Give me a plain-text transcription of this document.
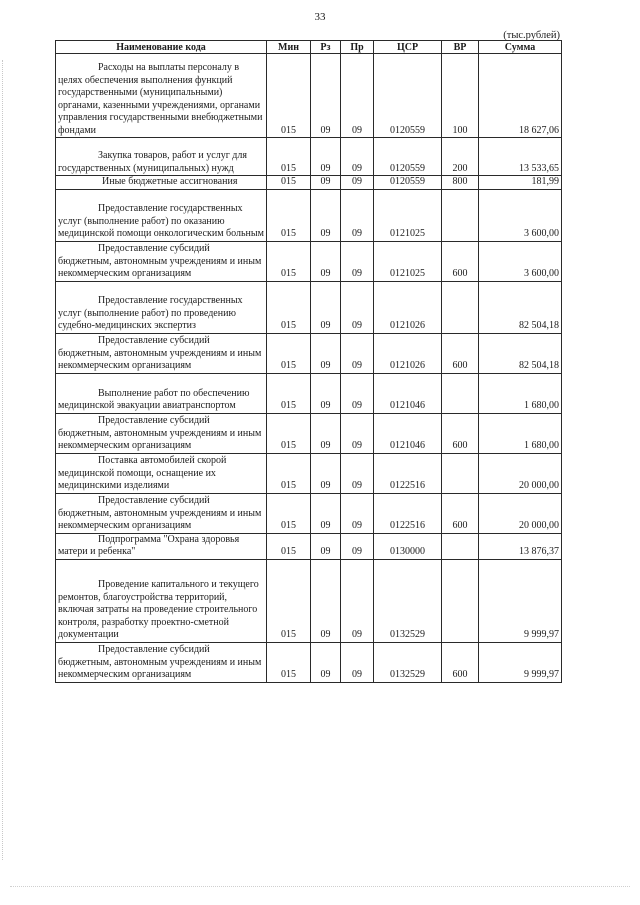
33
(тыс.рублей)
Наименование кода	Мин	Рз	Пр	ЦСР	ВР	Сумма
Расходы на выплаты персоналу в целях обеспечения выполнения функций государственными (муниципальными) органами, казенными учреждениями, органами управления государственными внебюджетными фондами	015	09	09	0120559	100	18 627,06
Закупка товаров, работ и услуг для государственных (муниципальных) нужд	015	09	09	0120559	200	13 533,65
Иные бюджетные ассигнования	015	09	09	0120559	800	181,99
Предоставление государственных услуг (выполнение работ) по оказанию медицинской помощи онкологическим больным	015	09	09	0121025		3 600,00
Предоставление субсидий бюджетным, автономным учреждениям и иным некоммерческим организациям	015	09	09	0121025	600	3 600,00
Предоставление государственных услуг (выполнение работ) по проведению судебно-медицинских экспертиз	015	09	09	0121026		82 504,18
Предоставление субсидий бюджетным, автономным учреждениям и иным некоммерческим организациям	015	09	09	0121026	600	82 504,18
Выполнение работ по обеспечению медицинской эвакуации авиатранспортом	015	09	09	0121046		1 680,00
Предоставление субсидий бюджетным, автономным учреждениям и иным некоммерческим организациям	015	09	09	0121046	600	1 680,00
Поставка автомобилей скорой медицинской помощи, оснащение их медицинскими изделиями	015	09	09	0122516		20 000,00
Предоставление субсидий бюджетным, автономным учреждениям и иным некоммерческим организациям	015	09	09	0122516	600	20 000,00
Подпрограмма "Охрана здоровья матери и ребенка"	015	09	09	0130000		13 876,37
Проведение капитального и текущего ремонтов, благоустройства территорий, включая затраты на проведение строительного контроля, разработку проектно-сметной документации	015	09	09	0132529		9 999,97
Предоставление субсидий бюджетным, автономным учреждениям и иным некоммерческим организациям	015	09	09	0132529	600	9 999,97
